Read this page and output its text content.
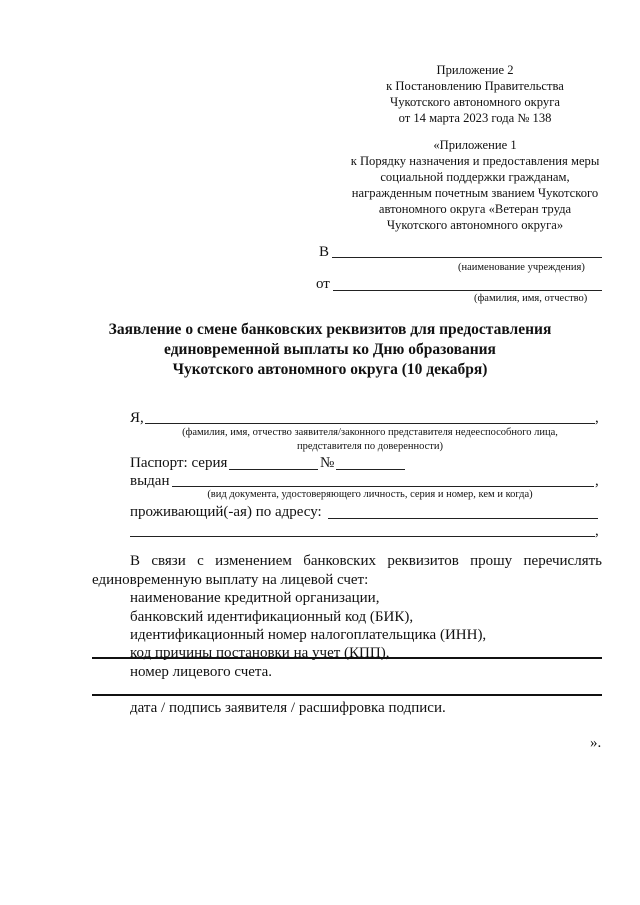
Приложение 2
к Постановлению Правительства
Чукотского автономного округа
от 14 марта 2023 года № 138
«Приложение 1
к Порядку назначения и предоставления меры
социальной поддержки гражданам,
награжденным почетным званием Чукотского
автономного округа «Ветеран труда
Чукотского автономного округа»
В
(наименование учреждения)
от
(фамилия, имя, отчество)
Заявление о смене банковских реквизитов для предоставления
единовременной выплаты ко Дню образования
Чукотского автономного округа (10 декабря)
Я,	,
(фамилия, имя, отчество заявителя/законного представителя недееспособного лица,
представителя по доверенности)
Паспорт: серия	№
выдан	,
(вид документа, удостоверяющего личность, серия и номер, кем и когда)
проживающий(-ая) по адресу:
,
В связи с изменением банковских реквизитов прошу перечислять
единовременную выплату на лицевой счет:
наименование кредитной организации,
банковский идентификационный код (БИК),
идентификационный номер налогоплательщика (ИНН),
код причины постановки на учет (КПП),
номер лицевого счета.
дата / подпись заявителя / расшифровка подписи.
».
